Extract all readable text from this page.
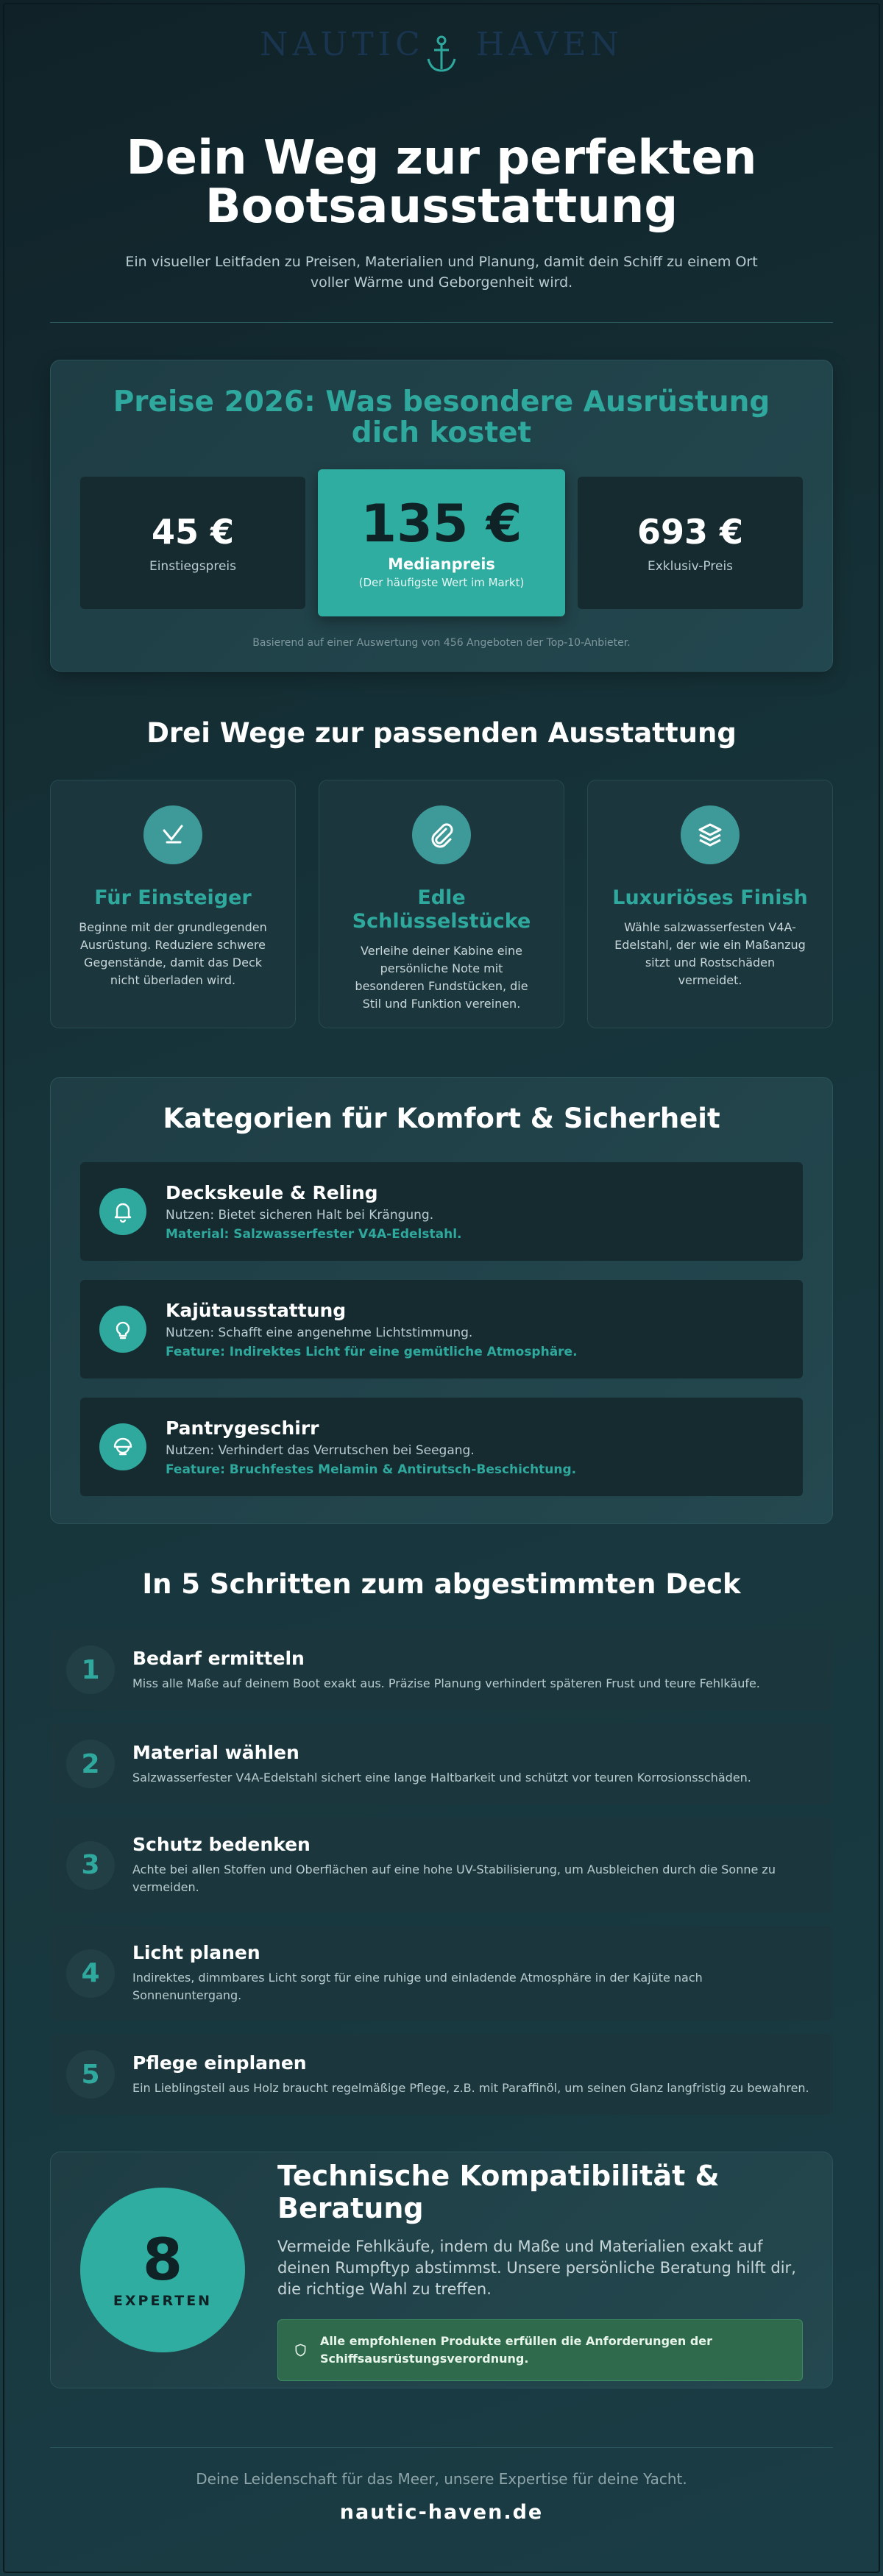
NAUTIC HAVEN
Dein Weg zur perfekten
Bootsausstattung

Ein visueller Leitfaden zu Preisen, Materialien und Planung, damit dein Schiff zu einem Ort voller Wärme und Geborgenheit wird.

Preise 2026: Was besondere Ausrüstung dich kostet
45 €
Einstiegspreis
135 €
Medianpreis
(Der häufigste Wert im Markt)
693 €
Exklusiv-Preis

Basierend auf einer Auswertung von 456 Angeboten der Top-10-Anbieter.

Drei Wege zur passenden Ausstattung
Für Einsteiger

Beginne mit der grundlegenden Ausrüstung. Reduziere schwere Gegenstände, damit das Deck nicht überladen wird.

Edle Schlüsselstücke

Verleihe deiner Kabine eine persönliche Note mit besonderen Fundstücken, die Stil und Funktion vereinen.

Luxuriöses Finish

Wähle salzwasserfesten V4A-Edelstahl, der wie ein Maßanzug sitzt und Rostschäden vermeidet.

Kategorien für Komfort & Sicherheit
Deckskeule & Reling
Nutzen: Bietet sicheren Halt bei Krängung.
Material: Salzwasserfester V4A-Edelstahl.
Kajütausstattung
Nutzen: Schafft eine angenehme Lichtstimmung.
Feature: Indirektes Licht für eine gemütliche Atmosphäre.
Pantrygeschirr
Nutzen: Verhindert das Verrutschen bei Seegang.
Feature: Bruchfestes Melamin & Antirutsch-Beschichtung.
In 5 Schritten zum abgestimmten Deck
1	Bedarf ermitteln

Miss alle Maße auf deinem Boot exakt aus. Präzise Planung verhindert späteren Frust und teure Fehlkäufe.

2	Material wählen

Salzwasserfester V4A-Edelstahl sichert eine lange Haltbarkeit und schützt vor teuren Korrosionsschäden.

3
Schutz bedenken

Achte bei allen Stoffen und Oberflächen auf eine hohe UV-Stabilisierung, um Ausbleichen durch die Sonne zu vermeiden.

4
Licht planen

Indirektes, dimmbares Licht sorgt für eine ruhige und einladende Atmosphäre in der Kajüte nach Sonnenuntergang.

5	Pflege einplanen

Ein Lieblingsteil aus Holz braucht regelmäßige Pflege, z.B. mit Paraffinöl, um seinen Glanz langfristig zu bewahren.

8
EXPERTEN
Technische Kompatibilität & Beratung

Vermeide Fehlkäufe, indem du Maße und Materialien exakt auf deinen Rumpftyp abstimmst. Unsere persönliche Beratung hilft dir, die richtige Wahl zu treffen.

Alle empfohlenen Produkte erfüllen die Anforderungen der Schiffsausrüstungsverordnung.

Deine Leidenschaft für das Meer, unsere Expertise für deine Yacht.

nautic-haven.de
